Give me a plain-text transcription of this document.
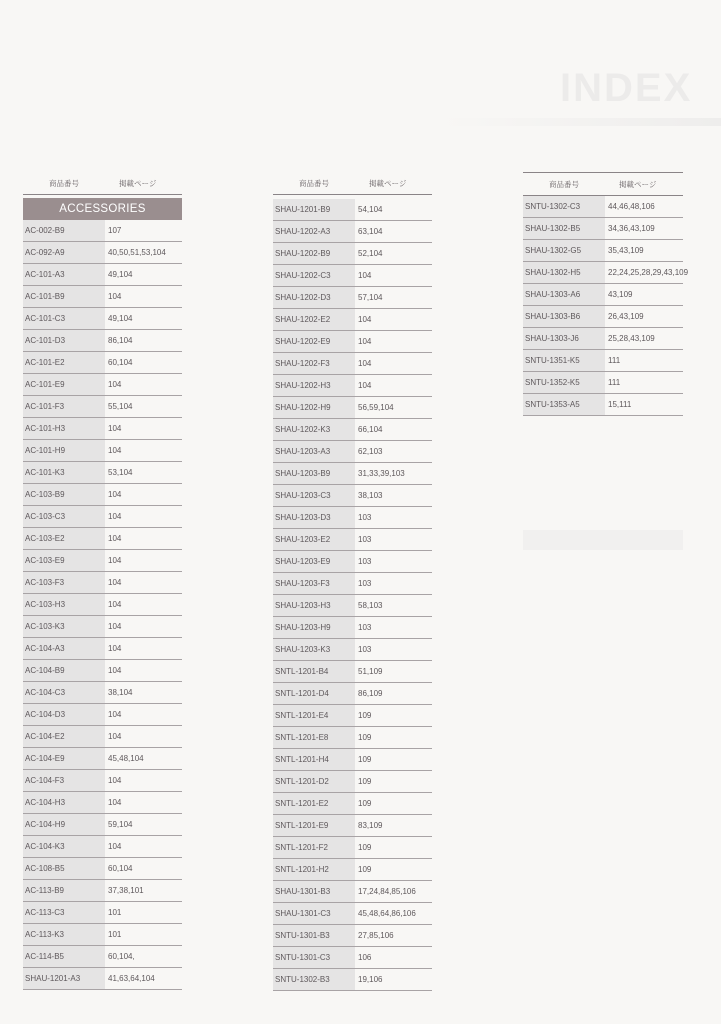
INDEX
商品番号	掲載ページ
ACCESSORIES
AC-002-B9	107
AC-092-A9	40,50,51,53,104
AC-101-A3	49,104
AC-101-B9	104
AC-101-C3	49,104
AC-101-D3	86,104
AC-101-E2	60,104
AC-101-E9	104
AC-101-F3	55,104
AC-101-H3	104
AC-101-H9	104
AC-101-K3	53,104
AC-103-B9	104
AC-103-C3	104
AC-103-E2	104
AC-103-E9	104
AC-103-F3	104
AC-103-H3	104
AC-103-K3	104
AC-104-A3	104
AC-104-B9	104
AC-104-C3	38,104
AC-104-D3	104
AC-104-E2	104
AC-104-E9	45,48,104
AC-104-F3	104
AC-104-H3	104
AC-104-H9	59,104
AC-104-K3	104
AC-108-B5	60,104
AC-113-B9	37,38,101
AC-113-C3	101
AC-113-K3	101
AC-114-B5	60,104,
SHAU-1201-A3	41,63,64,104
商品番号	掲載ページ
SHAU-1201-B9	54,104
SHAU-1202-A3	63,104
SHAU-1202-B9	52,104
SHAU-1202-C3	104
SHAU-1202-D3	57,104
SHAU-1202-E2	104
SHAU-1202-E9	104
SHAU-1202-F3	104
SHAU-1202-H3	104
SHAU-1202-H9	56,59,104
SHAU-1202-K3	66,104
SHAU-1203-A3	62,103
SHAU-1203-B9	31,33,39,103
SHAU-1203-C3	38,103
SHAU-1203-D3	103
SHAU-1203-E2	103
SHAU-1203-E9	103
SHAU-1203-F3	103
SHAU-1203-H3	58,103
SHAU-1203-H9	103
SHAU-1203-K3	103
SNTL-1201-B4	51,109
SNTL-1201-D4	86,109
SNTL-1201-E4	109
SNTL-1201-E8	109
SNTL-1201-H4	109
SNTL-1201-D2	109
SNTL-1201-E2	109
SNTL-1201-E9	83,109
SNTL-1201-F2	109
SNTL-1201-H2	109
SHAU-1301-B3	17,24,84,85,106
SHAU-1301-C3	45,48,64,86,106
SNTU-1301-B3	27,85,106
SNTU-1301-C3	106
SNTU-1302-B3	19,106
商品番号	掲載ページ
SNTU-1302-C3	44,46,48,106
SHAU-1302-B5	34,36,43,109
SHAU-1302-G5	35,43,109
SHAU-1302-H5	22,24,25,28,29,43,109
SHAU-1303-A6	43,109
SHAU-1303-B6	26,43,109
SHAU-1303-J6	25,28,43,109
SNTU-1351-K5	111
SNTU-1352-K5	111
SNTU-1353-A5	15,111
